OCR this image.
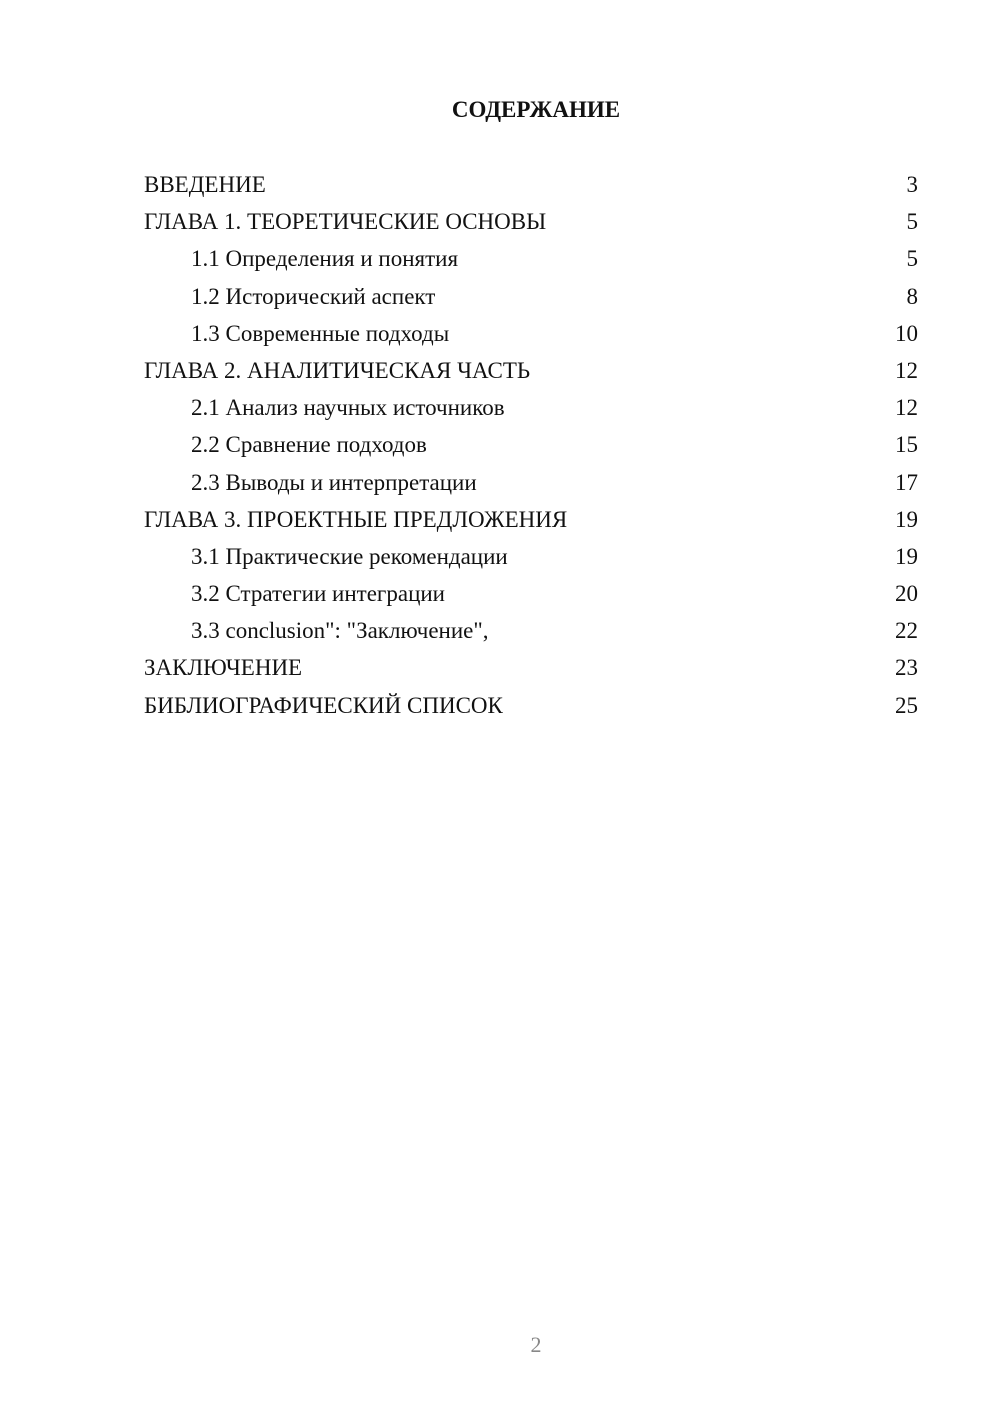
СОДЕРЖАНИЕ
ВВЕДЕНИЕ	3
ГЛАВА 1. ТЕОРЕТИЧЕСКИЕ ОСНОВЫ	5
1.1 Определения и понятия	5
1.2 Исторический аспект	8
1.3 Современные подходы	10
ГЛАВА 2. АНАЛИТИЧЕСКАЯ ЧАСТЬ	12
2.1 Анализ научных источников	12
2.2 Сравнение подходов	15
2.3 Выводы и интерпретации	17
ГЛАВА 3. ПРОЕКТНЫЕ ПРЕДЛОЖЕНИЯ	19
3.1 Практические рекомендации	19
3.2 Стратегии интеграции	20
3.3 conclusion": "Заключение",	22
ЗАКЛЮЧЕНИЕ	23
БИБЛИОГРАФИЧЕСКИЙ СПИСОК	25
2
